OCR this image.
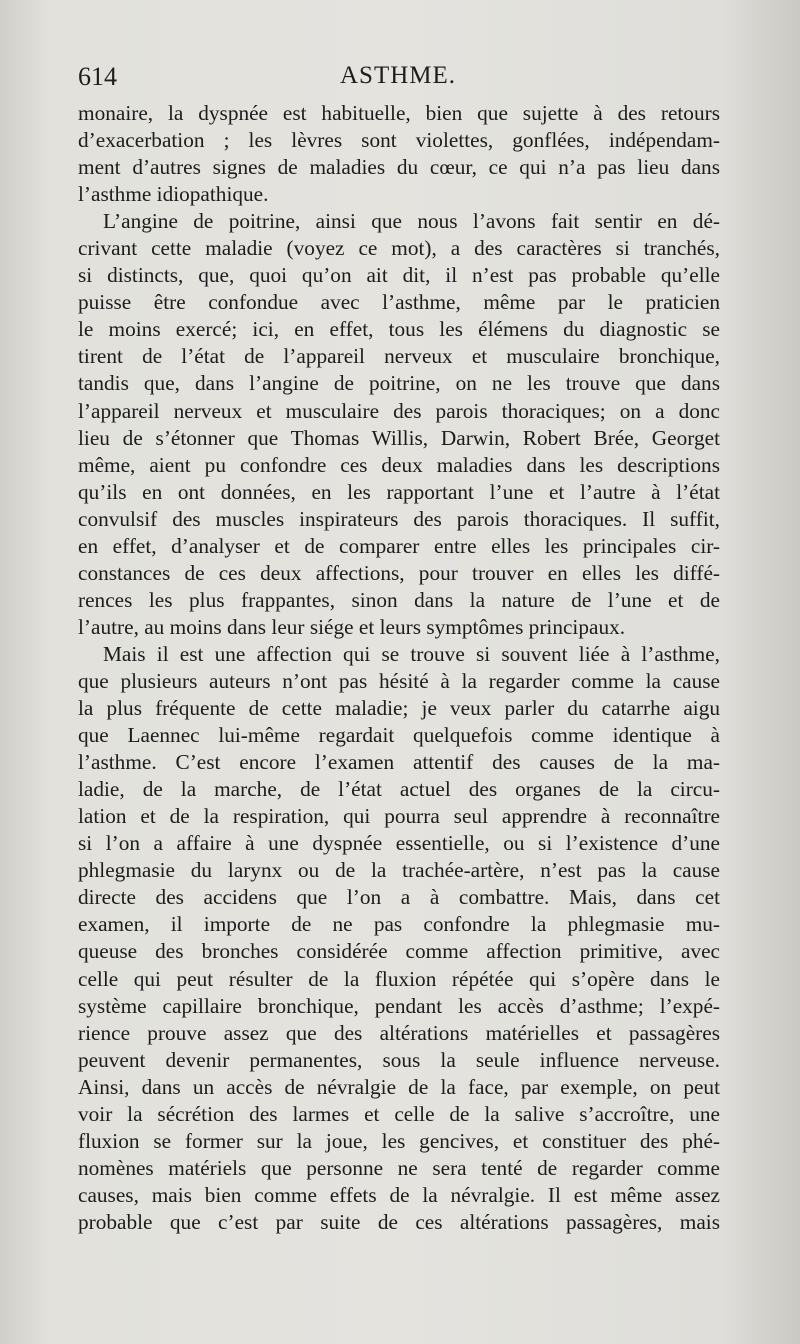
614	ASTHME.
monaire, la dyspnée est habituelle, bien que sujette à des retours
d’exacerbation ; les lèvres sont violettes, gonflées, indépendam-
ment d’autres signes de maladies du cœur, ce qui n’a pas lieu dans
l’asthme idiopathique.
L’angine de poitrine, ainsi que nous l’avons fait sentir en dé-
crivant cette maladie (voyez ce mot), a des caractères si tranchés,
si distincts, que, quoi qu’on ait dit, il n’est pas probable qu’elle
puisse être confondue avec l’asthme, même par le praticien
le moins exercé; ici, en effet, tous les élémens du diagnostic se
tirent de l’état de l’appareil nerveux et musculaire bronchique,
tandis que, dans l’angine de poitrine, on ne les trouve que dans
l’appareil nerveux et musculaire des parois thoraciques; on a donc
lieu de s’étonner que Thomas Willis, Darwin, Robert Brée, Georget
même, aient pu confondre ces deux maladies dans les descriptions
qu’ils en ont données, en les rapportant l’une et l’autre à l’état
convulsif des muscles inspirateurs des parois thoraciques. Il suffit,
en effet, d’analyser et de comparer entre elles les principales cir-
constances de ces deux affections, pour trouver en elles les diffé-
rences les plus frappantes, sinon dans la nature de l’une et de
l’autre, au moins dans leur siége et leurs symptômes principaux.
Mais il est une affection qui se trouve si souvent liée à l’asthme,
que plusieurs auteurs n’ont pas hésité à la regarder comme la cause
la plus fréquente de cette maladie; je veux parler du catarrhe aigu
que Laennec lui-même regardait quelquefois comme identique à
l’asthme. C’est encore l’examen attentif des causes de la ma-
ladie, de la marche, de l’état actuel des organes de la circu-
lation et de la respiration, qui pourra seul apprendre à reconnaître
si l’on a affaire à une dyspnée essentielle, ou si l’existence d’une
phlegmasie du larynx ou de la trachée-artère, n’est pas la cause
directe des accidens que l’on a à combattre. Mais, dans cet
examen, il importe de ne pas confondre la phlegmasie mu-
queuse des bronches considérée comme affection primitive, avec
celle qui peut résulter de la fluxion répétée qui s’opère dans le
système capillaire bronchique, pendant les accès d’asthme; l’expé-
rience prouve assez que des altérations matérielles et passagères
peuvent devenir permanentes, sous la seule influence nerveuse.
Ainsi, dans un accès de névralgie de la face, par exemple, on peut
voir la sécrétion des larmes et celle de la salive s’accroître, une
fluxion se former sur la joue, les gencives, et constituer des phé-
nomènes matériels que personne ne sera tenté de regarder comme
causes, mais bien comme effets de la névralgie. Il est même assez
probable que c’est par suite de ces altérations passagères, mais
